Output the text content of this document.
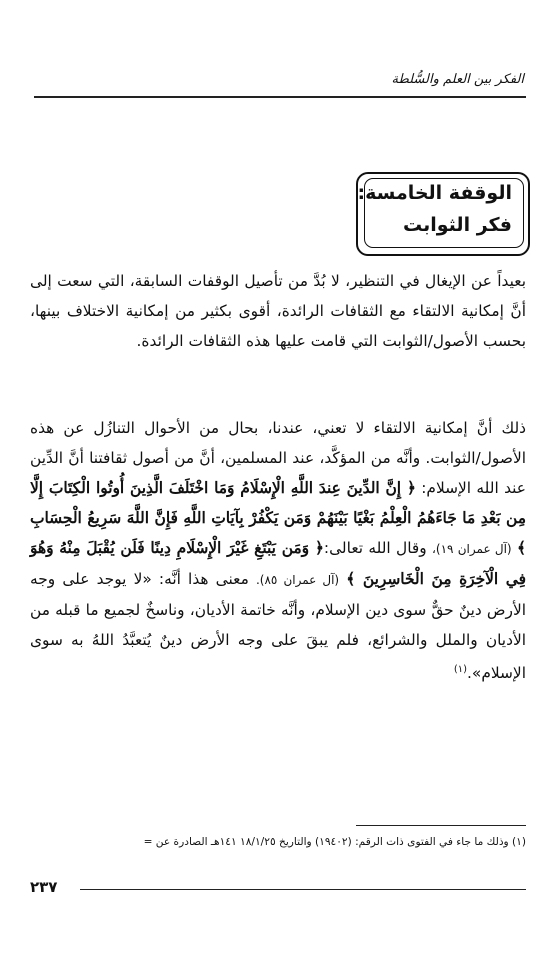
الفكر بين العلم والسُّلطة
الوقفة الخامسة:
فكر الثوابت

بعيداً عن الإيغال في التنظير، لا بُدَّ من تأصيل الوقفات السابقة، التي سعت إلى أنَّ إمكانية الالتقاء مع الثقافات الرائدة، أقوى بكثير من إمكانية الاختلاف بينها، بحسب الأصول/الثوابت التي قامت عليها هذه الثقافات الرائدة.

ذلك أنَّ إمكانية الالتقاء لا تعني، عندنا، بحال من الأحوال التنازُل عن هذه الأصول/الثوابت. وأنَّه من المؤكَّد، عند المسلمين، أنَّ من أصول ثقافتنا أنَّ الدِّين عند الله الإسلام: ﴿ إِنَّ الدِّينَ عِندَ اللَّهِ الْإِسْلَامُ وَمَا اخْتَلَفَ الَّذِينَ أُوتُوا الْكِتَابَ إِلَّا مِن بَعْدِ مَا جَاءَهُمُ الْعِلْمُ بَغْيًا بَيْنَهُمْ وَمَن يَكْفُرْ بِآيَاتِ اللَّهِ فَإِنَّ اللَّهَ سَرِيعُ الْحِسَابِ ﴾ (آل عمران ١٩)، وقال الله تعالى:﴿ وَمَن يَبْتَغِ غَيْرَ الْإِسْلَامِ دِينًا فَلَن يُقْبَلَ مِنْهُ وَهُوَ فِي الْآخِرَةِ مِنَ الْخَاسِرِينَ ﴾ (آل عمران ٨٥). معنى هذا أنَّه: «لا يوجد على وجه الأرض دينٌ حقٌّ سوى دين الإسلام، وأنَّه خاتمة الأديان، وناسخٌ لجميع ما قبله من الأديان والملل والشرائع، فلم يبقَ على وجه الأرض دينٌ يُتعبَّدُ اللهُ به سوى الإسلام».$^{(١)}$

(١) وذلك ما جاء في الفتوى ذات الرقم: (١٩٤٠٢) والتاريخ ١٨/١/٢٥ ١٤١هـ الصادرة عن =
٢٣٧
